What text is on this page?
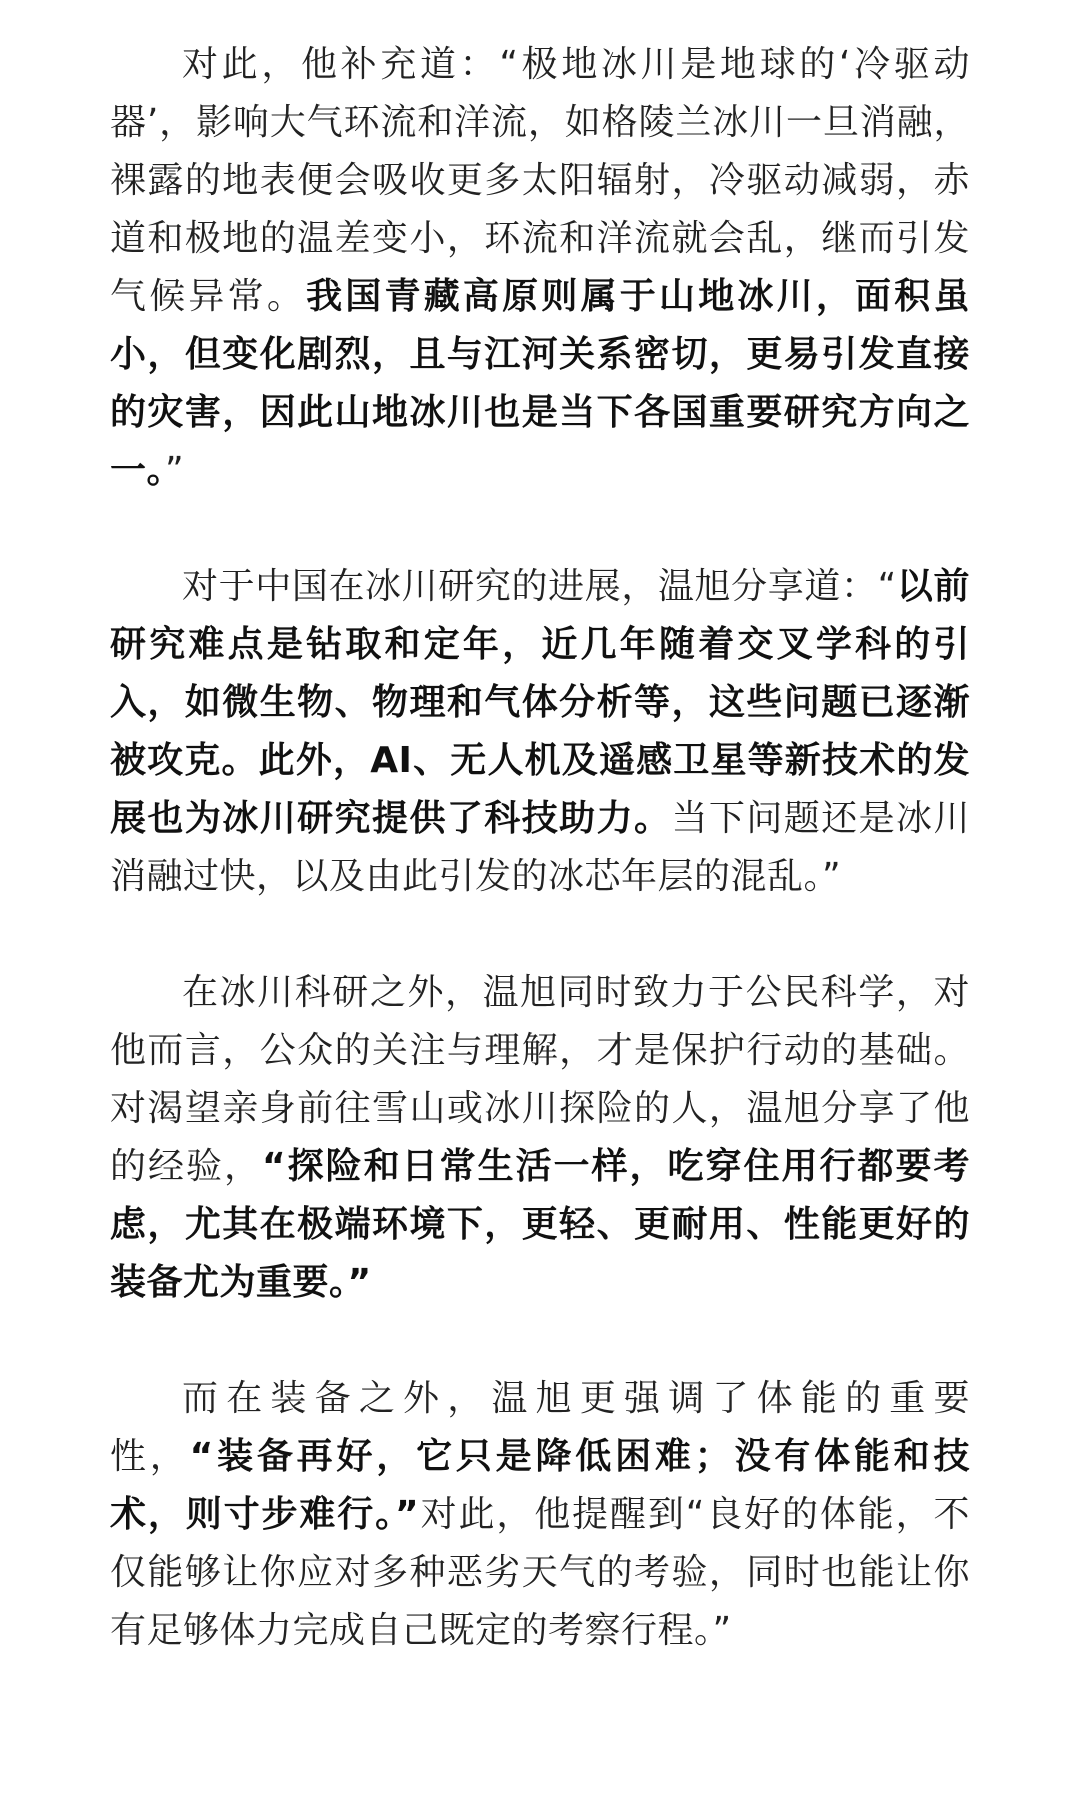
对此，他补充道：“极地冰川是地球的‘冷驱动器’，影响大气环流和洋流，如格陵兰冰川一旦消融，裸露的地表便会吸收更多太阳辐射，冷驱动减弱，赤道和极地的温差变小，环流和洋流就会乱，继而引发气候异常。我国青藏高原则属于山地冰川，面积虽小，但变化剧烈，且与江河关系密切，更易引发直接的灾害，因此山地冰川也是当下各国重要研究方向之一。”

对于中国在冰川研究的进展，温旭分享道：“以前研究难点是钻取和定年，近几年随着交叉学科的引入，如微生物、物理和气体分析等，这些问题已逐渐被攻克。此外，AI、无人机及遥感卫星等新技术的发展也为冰川研究提供了科技助力。当下问题还是冰川消融过快，以及由此引发的冰芯年层的混乱。”

在冰川科研之外，温旭同时致力于公民科学，对他而言，公众的关注与理解，才是保护行动的基础。对渴望亲身前往雪山或冰川探险的人，温旭分享了他的经验，“探险和日常生活一样，吃穿住用行都要考虑，尤其在极端环境下，更轻、更耐用、性能更好的装备尤为重要。”

而在装备之外，温旭更强调了体能的重要性，“装备再好，它只是降低困难；没有体能和技术，则寸步难行。”对此，他提醒到“良好的体能，不仅能够让你应对多种恶劣天气的考验，同时也能让你有足够体力完成自己既定的考察行程。”
